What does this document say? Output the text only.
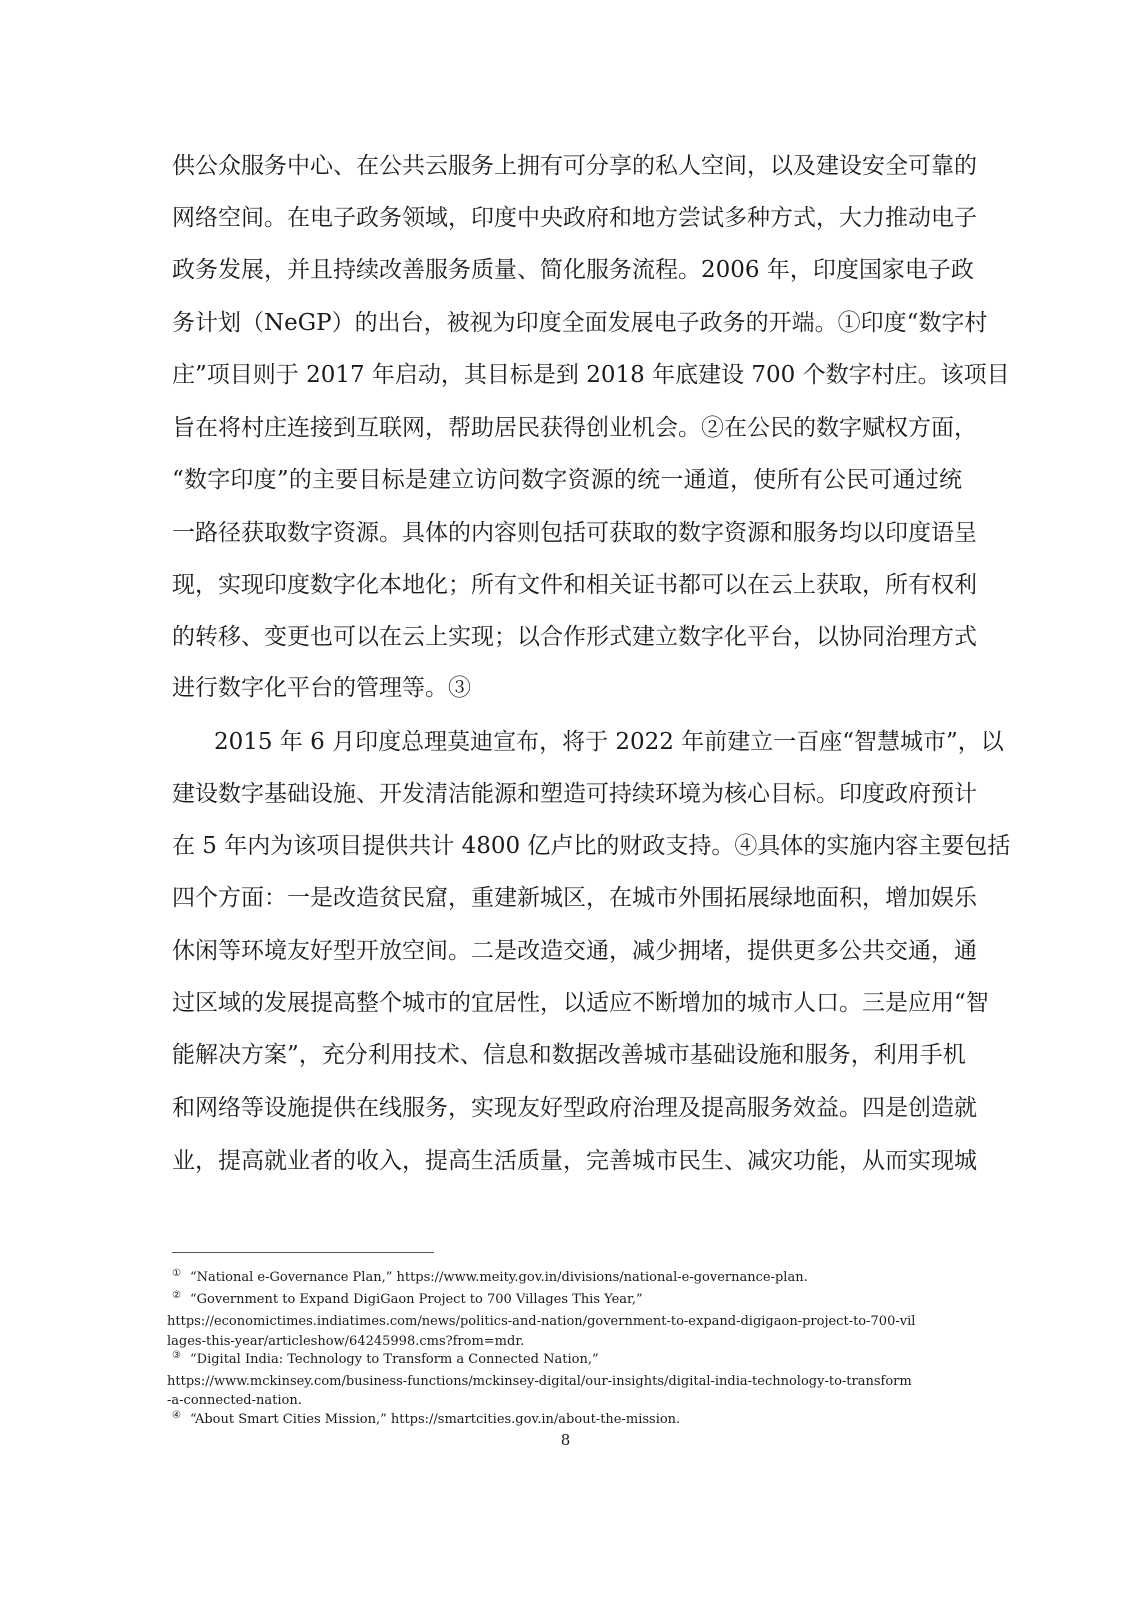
供公众服务中心、在公共云服务上拥有可分享的私人空间，以及建设安全可靠的
网络空间。在电子政务领域，印度中央政府和地方尝试多种方式，大力推动电子
政务发展，并且持续改善服务质量、简化服务流程。2006 年，印度国家电子政
务计划（NeGP）的出台，被视为印度全面发展电子政务的开端。①印度“数字村
庄”项目则于 2017 年启动，其目标是到 2018 年底建设 700 个数字村庄。该项目
旨在将村庄连接到互联网，帮助居民获得创业机会。②在公民的数字赋权方面，
“数字印度”的主要目标是建立访问数字资源的统一通道，使所有公民可通过统
一路径获取数字资源。具体的内容则包括可获取的数字资源和服务均以印度语呈
现，实现印度数字化本地化；所有文件和相关证书都可以在云上获取，所有权利
的转移、变更也可以在云上实现；以合作形式建立数字化平台，以协同治理方式
进行数字化平台的管理等。③
2015 年 6 月印度总理莫迪宣布，将于 2022 年前建立一百座“智慧城市”，以
建设数字基础设施、开发清洁能源和塑造可持续环境为核心目标。印度政府预计
在 5 年内为该项目提供共计 4800 亿卢比的财政支持。④具体的实施内容主要包括
四个方面：一是改造贫民窟，重建新城区，在城市外围拓展绿地面积，增加娱乐
休闲等环境友好型开放空间。二是改造交通，减少拥堵，提供更多公共交通，通
过区域的发展提高整个城市的宜居性，以适应不断增加的城市人口。三是应用“智
能解决方案”，充分利用技术、信息和数据改善城市基础设施和服务，利用手机
和网络等设施提供在线服务，实现友好型政府治理及提高服务效益。四是创造就
业，提高就业者的收入，提高生活质量，完善城市民生、减灾功能，从而实现城
① “National e-Governance Plan,” https://www.meity.gov.in/divisions/national-e-governance-plan.
② “Government to Expand DigiGaon Project to 700 Villages This Year,”
https://economictimes.indiatimes.com/news/politics-and-nation/government-to-expand-digigaon-project-to-700-vil
lages-this-year/articleshow/64245998.cms?from=mdr.
③ “Digital India: Technology to Transform a Connected Nation,”
https://www.mckinsey.com/business-functions/mckinsey-digital/our-insights/digital-india-technology-to-transform
-a-connected-nation.
④ “About Smart Cities Mission,” https://smartcities.gov.in/about-the-mission.
8
